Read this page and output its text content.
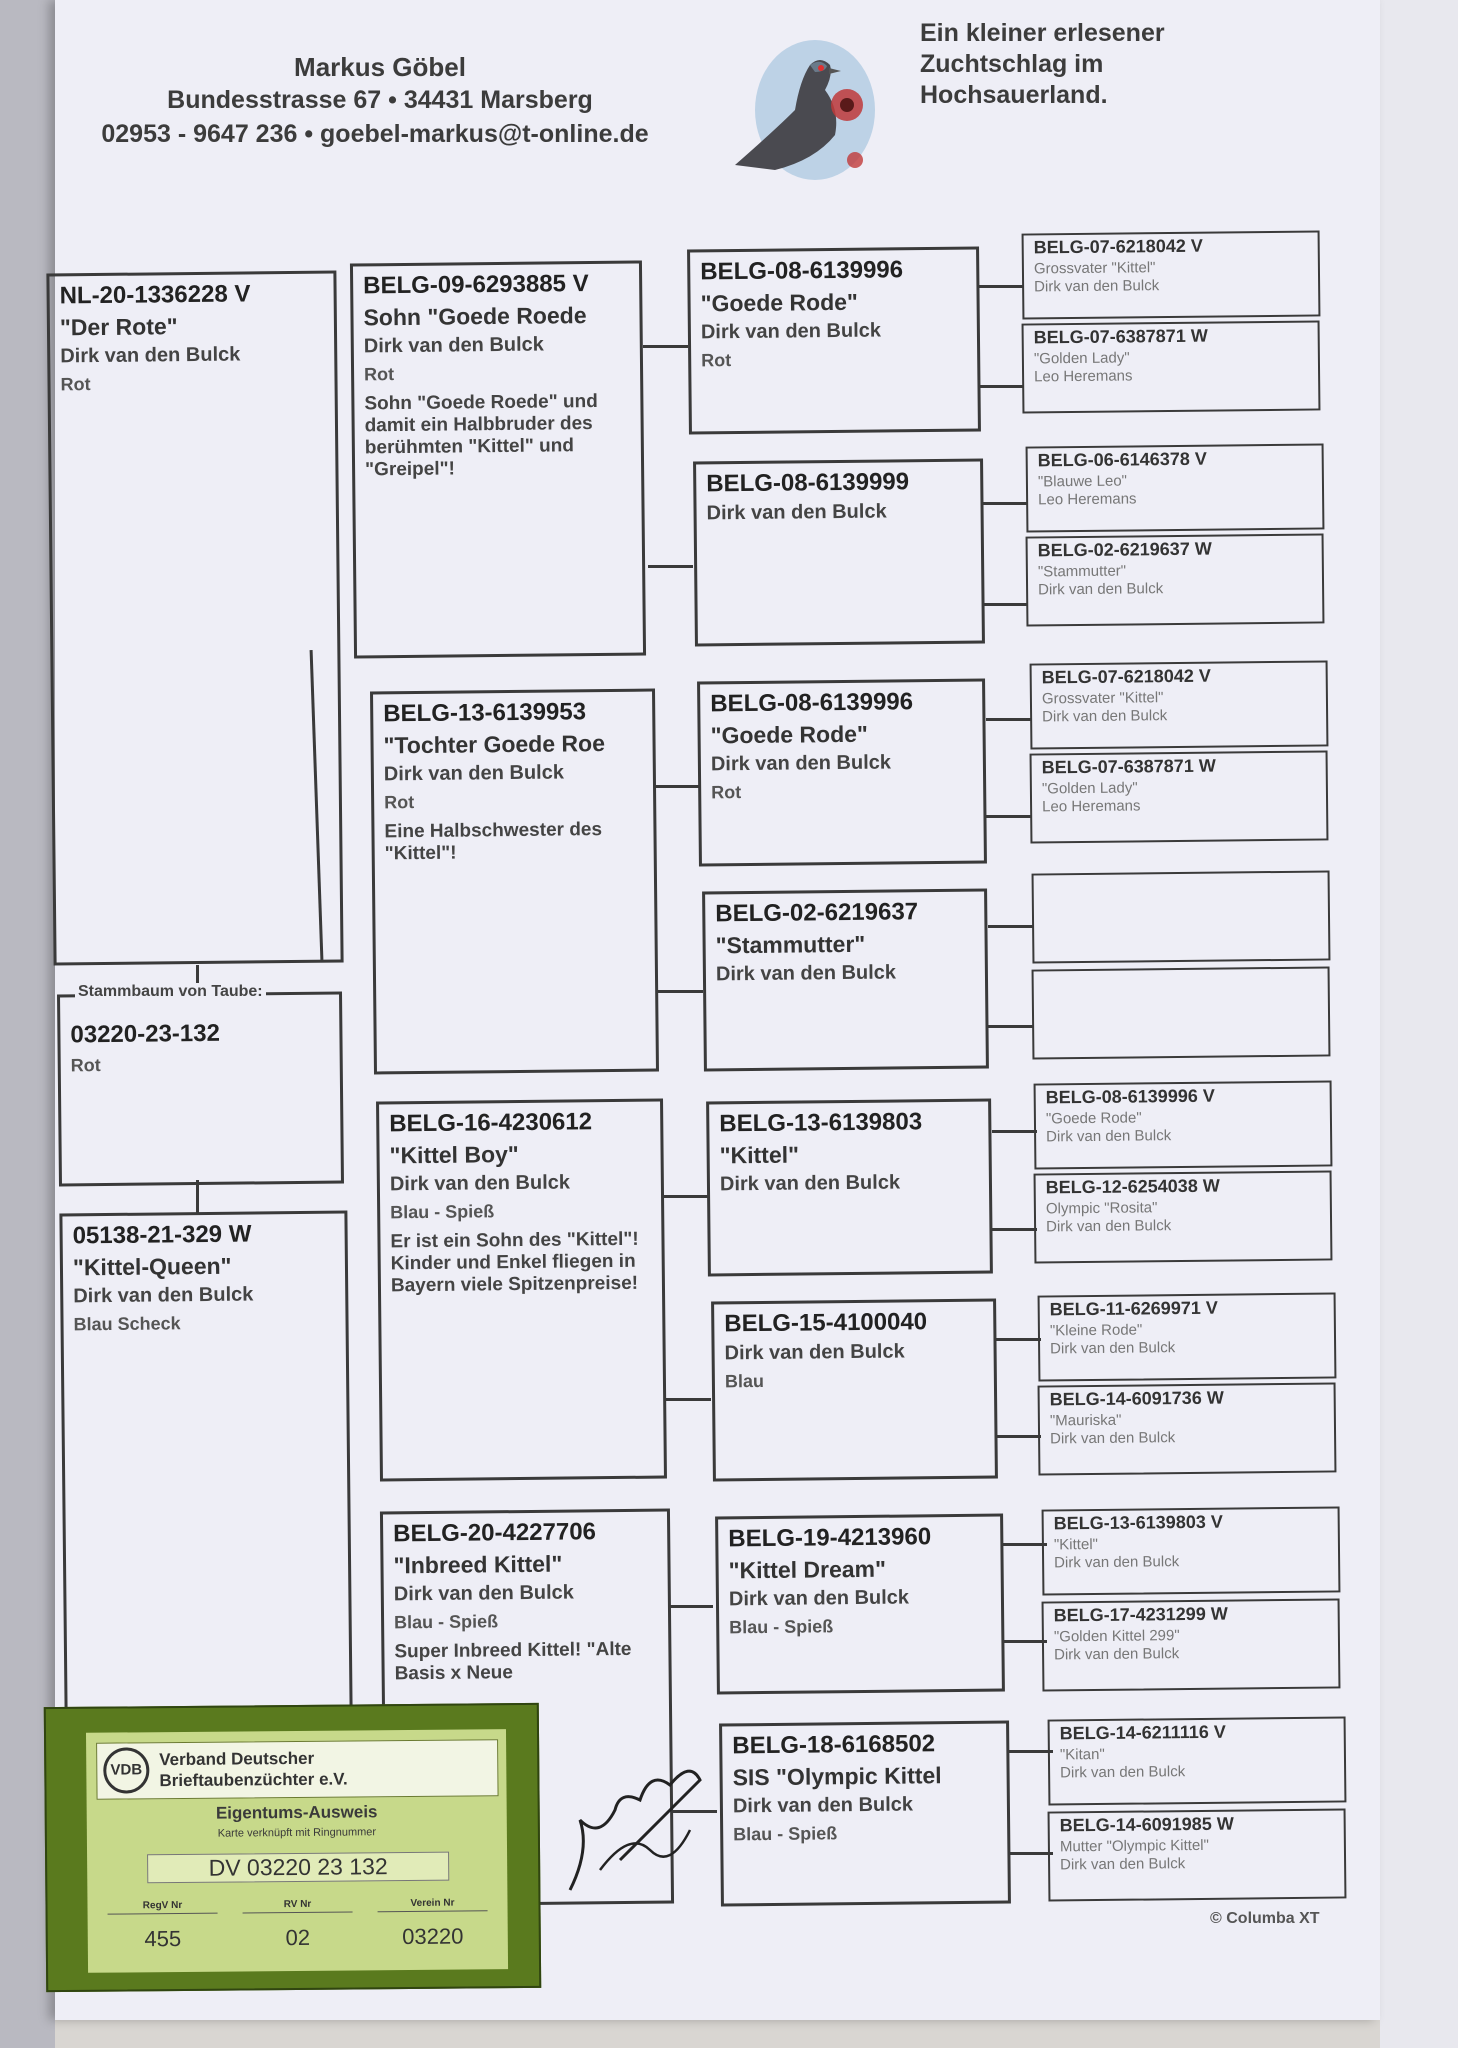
Markus Göbel
Bundesstrasse 67 • 34431 Marsberg
02953 - 9647 236 • goebel-markus@t-online.de
Ein kleiner erlesener
Zuchtschlag im
Hochsauerland.
NL-20-1336228 V
"Der Rote"
Dirk van den Bulck
Rot
03220-23-132
Rot
Stammbaum von Taube:
05138-21-329 W
"Kittel-Queen"
Dirk van den Bulck
Blau Scheck
BELG-09-6293885 V
Sohn "Goede Roede
Dirk van den Bulck
Rot
Sohn "Goede Roede" und damit ein Halbbruder des berühmten "Kittel" und "Greipel"!
BELG-13-6139953
"Tochter Goede Roe
Dirk van den Bulck
Rot
Eine Halbschwester des "Kittel"!
BELG-16-4230612
"Kittel Boy"
Dirk van den Bulck
Blau - Spieß
Er ist ein Sohn des "Kittel"! Kinder und Enkel fliegen in Bayern viele Spitzenpreise!
BELG-20-4227706
"Inbreed Kittel"
Dirk van den Bulck
Blau - Spieß
Super Inbreed Kittel! "Alte Basis x Neue
BELG-08-6139996
"Goede Rode"
Dirk van den Bulck
Rot
BELG-08-6139999
Dirk van den Bulck
BELG-08-6139996
"Goede Rode"
Dirk van den Bulck
Rot
BELG-02-6219637
"Stammutter"
Dirk van den Bulck
BELG-13-6139803
"Kittel"
Dirk van den Bulck
BELG-15-4100040
Dirk van den Bulck
Blau
BELG-19-4213960
"Kittel Dream"
Dirk van den Bulck
Blau - Spieß
BELG-18-6168502
SIS "Olympic Kittel
Dirk van den Bulck
Blau - Spieß
BELG-07-6218042 V
Grossvater "Kittel"
Dirk van den Bulck
BELG-07-6387871 W
"Golden Lady"
Leo Heremans
BELG-06-6146378 V
"Blauwe Leo"
Leo Heremans
BELG-02-6219637 W
"Stammutter"
Dirk van den Bulck
BELG-07-6218042 V
Grossvater "Kittel"
Dirk van den Bulck
BELG-07-6387871 W
"Golden Lady"
Leo Heremans
BELG-08-6139996 V
"Goede Rode"
Dirk van den Bulck
BELG-12-6254038 W
Olympic "Rosita"
Dirk van den Bulck
BELG-11-6269971 V
"Kleine Rode"
Dirk van den Bulck
BELG-14-6091736 W
"Mauriska"
Dirk van den Bulck
BELG-13-6139803 V
"Kittel"
Dirk van den Bulck
BELG-17-4231299 W
"Golden Kittel 299"
Dirk van den Bulck
BELG-14-6211116 V
"Kitan"
Dirk van den Bulck
BELG-14-6091985 W
Mutter "Olympic Kittel"
Dirk van den Bulck
© Columba XT
VDB
Verband Deutscher
Brieftaubenzüchter e.V.
Eigentums-Ausweis
Karte verknüpft mit Ringnummer
DV 03220 23 132
RegV Nr
455
RV Nr
02
Verein Nr
03220
